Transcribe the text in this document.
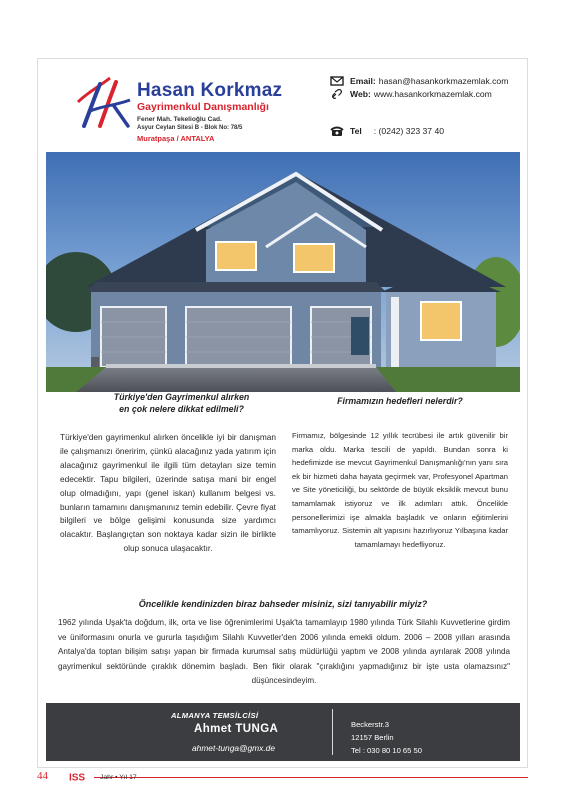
Hasan Korkmaz
Gayrimenkul Danışmanlığı
Fener Mah. Tekelioğlu Cad.
Asyur Ceylan Sitesi B - Blok No: 78/5
Muratpaşa / ANTALYA
Email: hasan@hasankorkmazemlak.com
Web: www.hasankorkmazemlak.com
Tel : (0242) 323 37 40
Türkiye'den Gayrimenkul alırken
en çok nelere dikkat edilmeli?
Firmamızın hedefleri nelerdir?
Türkiye'den gayrimenkul alırken öncelikle iyi bir danışman ile çalışmanızı öneririm, çünkü alacağınız yada yatırım için alacağınız gayrimenkul ile ilgili tüm detayları size temin edecektir. Tapu bilgileri, üzerinde satışa mani bir engel olup olmadığını, yapı (genel iskan) kullanım belgesi vs. bunların tamamını danışmanınız temin edebilir. Çevre fiyat bilgileri ve bölge gelişimi konusunda size yardımcı olacaktır. Başlangıçtan son noktaya kadar sizin ile birlikte olup sonuca ulaşacaktır.
Firmamız, bölgesinde 12 yıllık tecrübesi ile artık güvenilir bir marka oldu. Marka tescili de yapıldı. Bundan sonra ki hedefimizde ise mevcut Gayrimenkul Danışmanlığı'nın yanı sıra ek bir hizmeti daha hayata geçirmek var, Profesyonel Apartman ve Site yöneticiliği, bu sektörde de büyük eksiklik mevcut bunu tamamlamak istiyoruz ve ilk adımları attık. Öncelikle personellerimizi işe almakla başladık ve onların eğitimlerini tamamlıyoruz. Sistemin alt yapısını hazırlıyoruz Yılbaşına kadar tamamlamayı hedefliyoruz.
Öncelikle kendinizden biraz bahseder misiniz, sizi tanıyabilir miyiz?
1962 yılında Uşak'ta doğdum, ilk, orta ve lise öğrenimlerimi Uşak'ta tamamlayıp 1980 yılında Türk Silahlı Kuvvetlerine girdim ve üniformasını onurla ve gururla taşıdığım Silahlı Kuvvetler'den 2006 yılında emekli oldum. 2006 – 2008 yılları arasında Antalya'da toptan bilişim satışı yapan bir firmada kurumsal satış müdürlüğü yaptım ve 2008 yılında ayrılarak 2008 yılında gayrimenkul sektöründe çıraklık dönemim başladı. Ben fikir olarak "çıraklığını yapmadığınız bir işte usta olamazsınız" düşüncesindeyim.
ALMANYA TEMSİLCİSİ
Ahmet TUNGA
ahmet-tunga@gmx.de
Beckerstr.3
12157 Berlin
Tel : 030 80 10 65 50
44 ISS Jahr • Yıl 17
